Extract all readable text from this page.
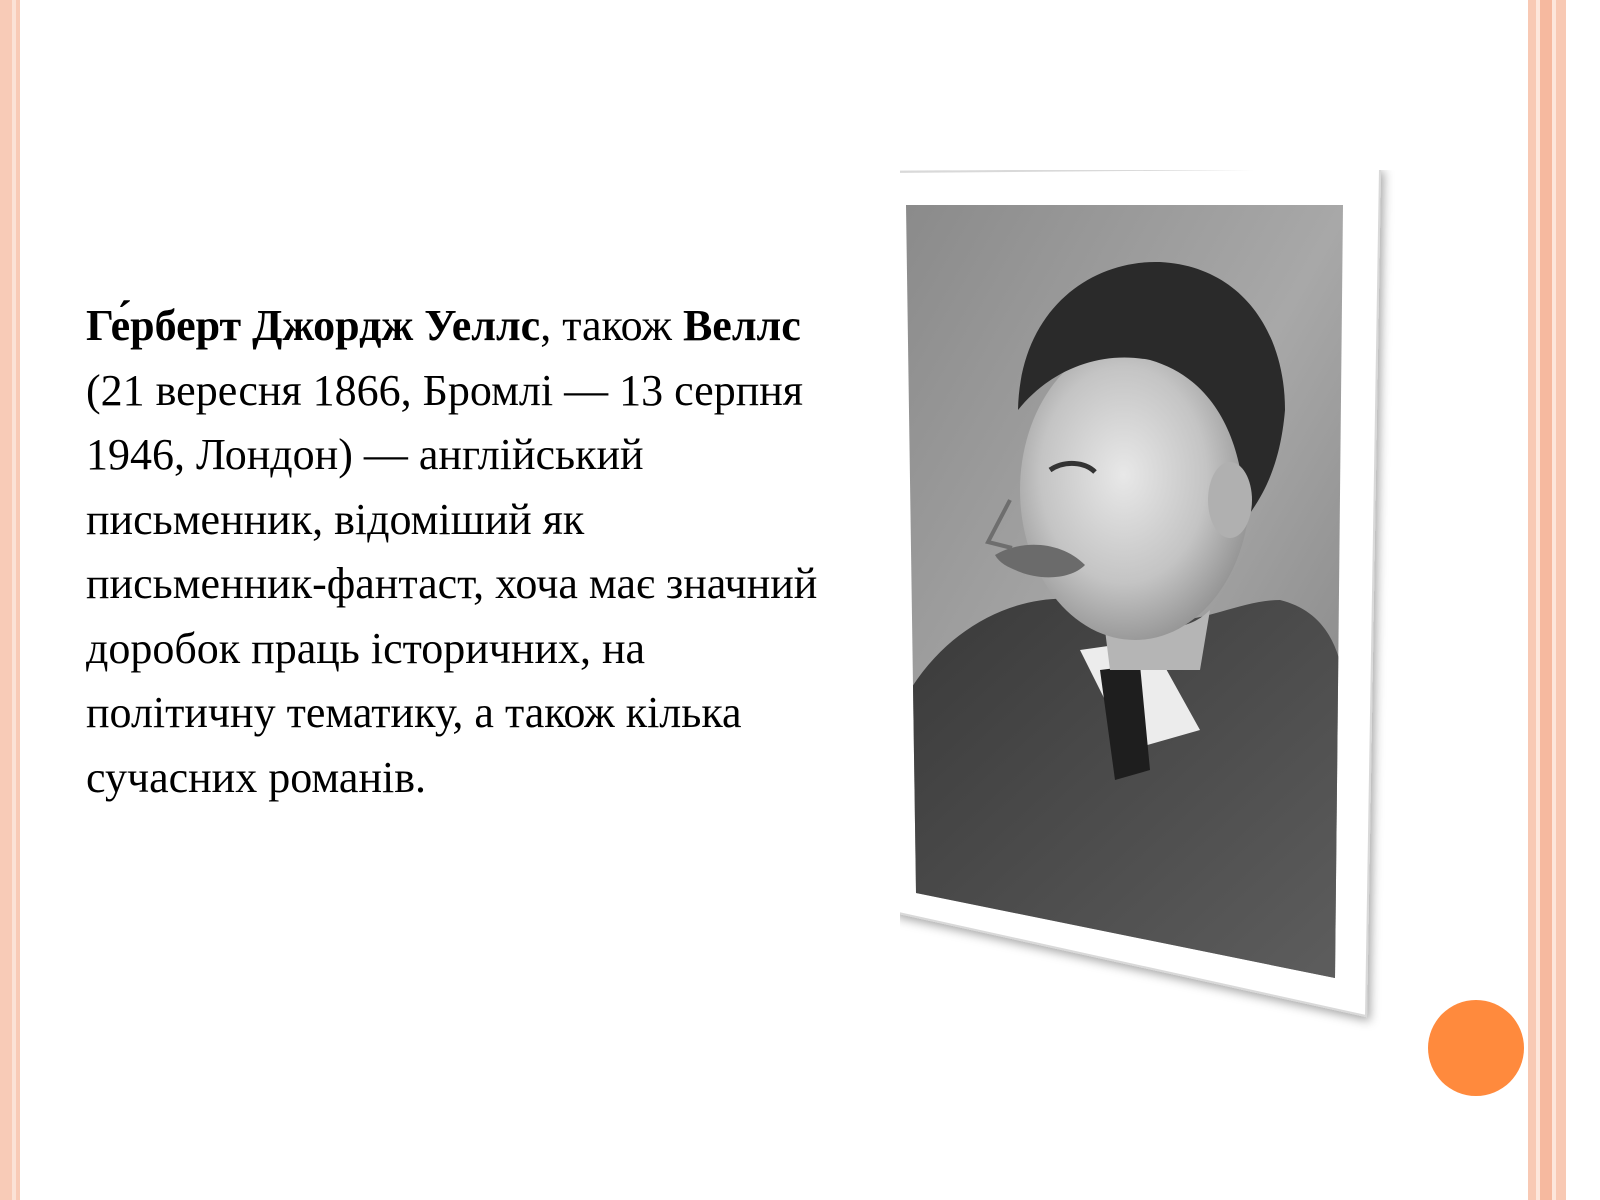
Ге́рберт Джордж Уеллс, також Веллс (21 вересня 1866, Бромлі — 13 серпня 1946, Лондон) — англійський письменник, відоміший як письменник-фантаст, хоча має значний доробок праць історичних, на політичну тематику, а також кілька сучасних романів.
